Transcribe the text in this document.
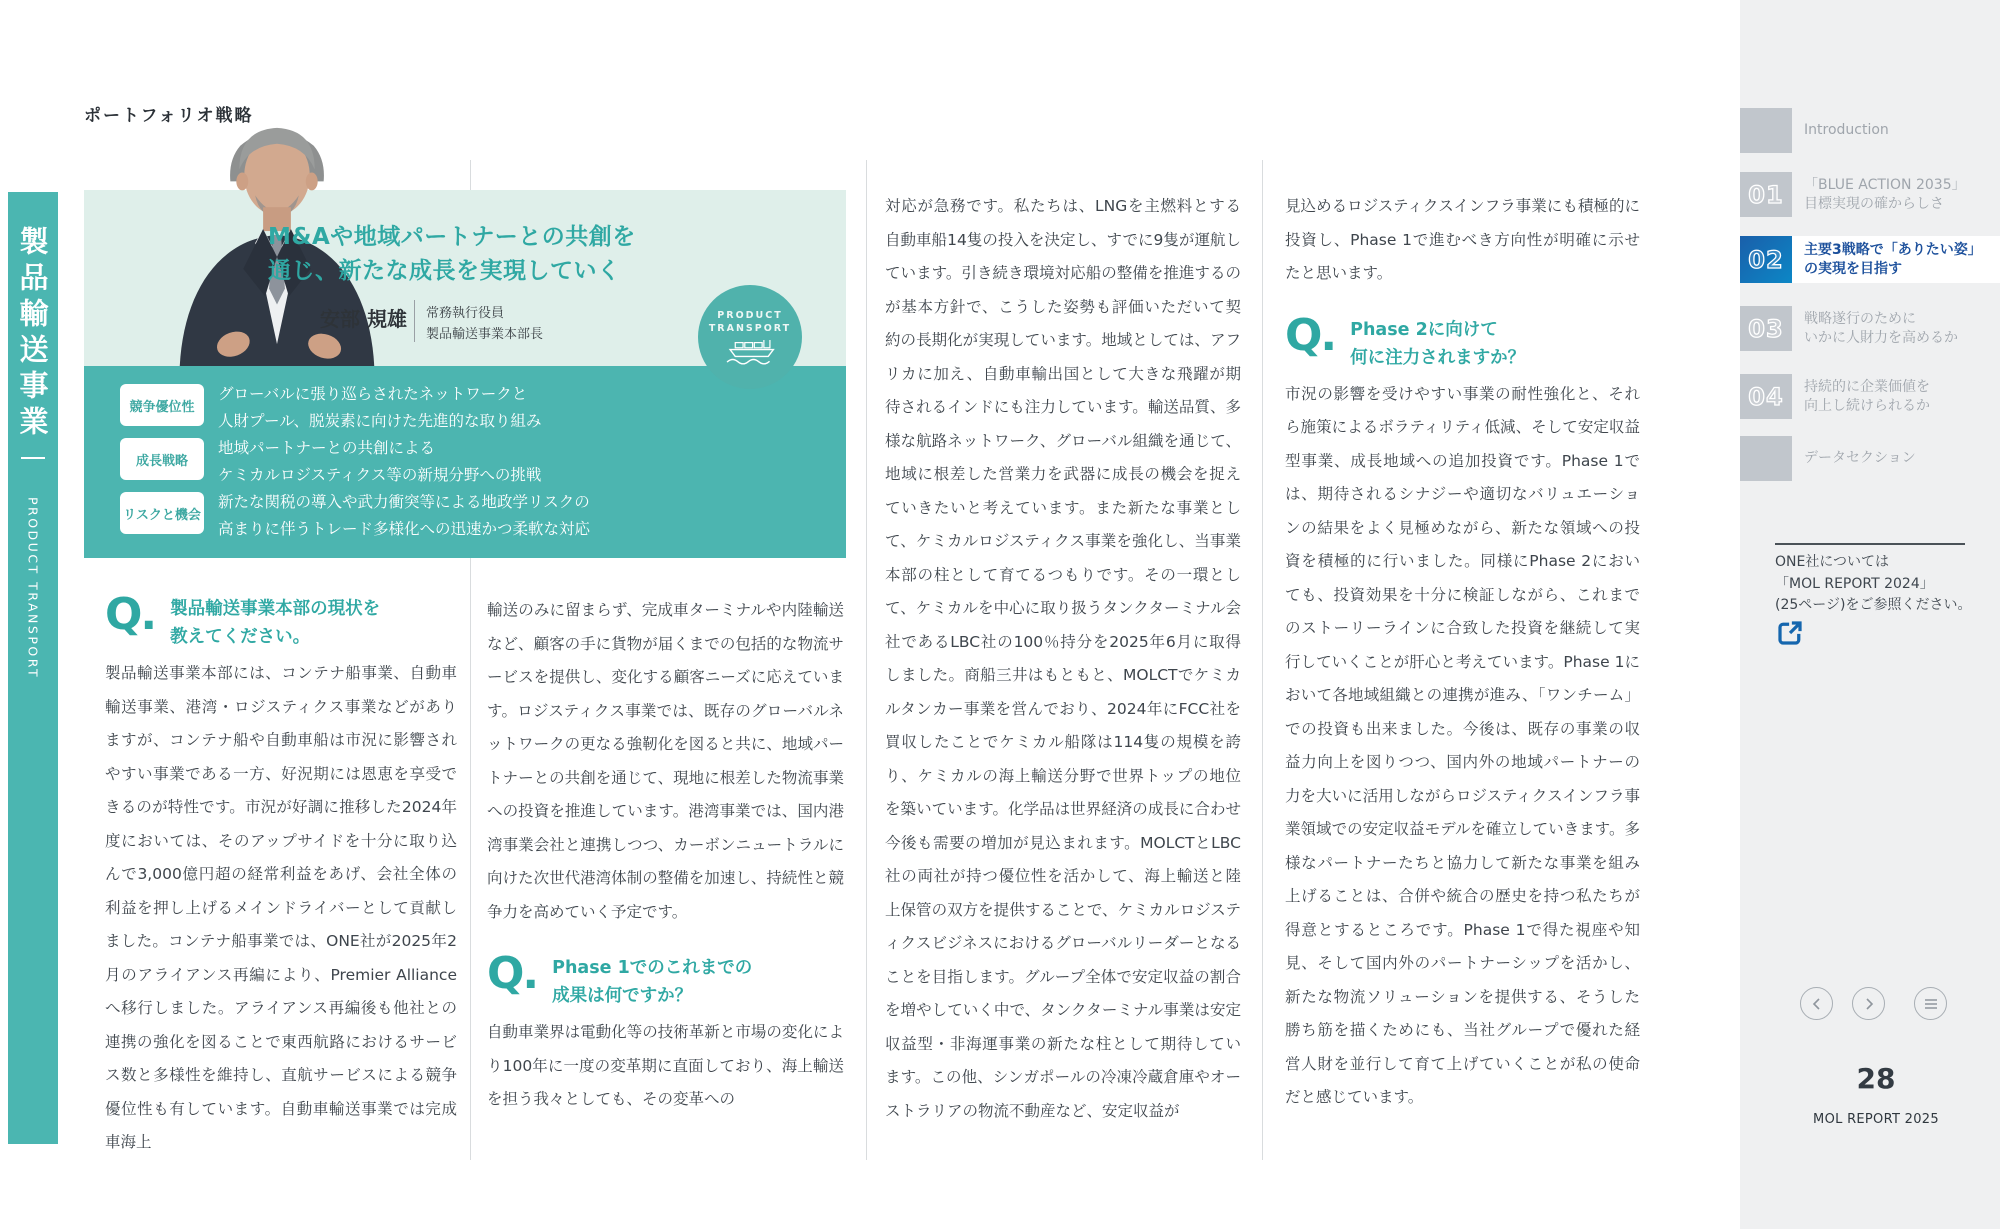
製品輸送事業
PRODUCT TRANSPORT
ポートフォリオ戦略
M&Aや地域パートナーとの共創を
通じ、新たな成長を実現していく
安部 規雄 常務執行役員
製品輸送事業本部長
PRODUCT
TRANSPORT
競争優位性
グローバルに張り巡らされたネットワークと
人財プール、脱炭素に向けた先進的な取り組み
成長戦略
地域パートナーとの共創による
ケミカルロジスティクス等の新規分野への挑戦
リスクと機会
新たな関税の導入や武力衝突等による地政学リスクの
高まりに伴うトレード多様化への迅速かつ柔軟な対応
Q. 製品輸送事業本部の現状を
教えてください。

製品輸送事業本部には、コンテナ船事業、自動車輸送事業、港湾・ロジスティクス事業などがありますが、コンテナ船や自動車船は市況に影響されやすい事業である一方、好況期には恩恵を享受できるのが特性です。市況が好調に推移した2024年度においては、そのアップサイドを十分に取り込んで3,000億円超の経常利益をあげ、会社全体の利益を押し上げるメインドライバーとして貢献しました。コンテナ船事業では、ONE社が2025年2月のアライアンス再編により、Premier Allianceへ移行しました。アライアンス再編後も他社との連携の強化を図ることで東西航路におけるサービス数と多様性を維持し、直航サービスによる競争優位性も有しています。自動車輸送事業では完成車海上

輸送のみに留まらず、完成車ターミナルや内陸輸送など、顧客の手に貨物が届くまでの包括的な物流サービスを提供し、変化する顧客ニーズに応えています。ロジスティクス事業では、既存のグローバルネットワークの更なる強靭化を図ると共に、地域パートナーとの共創を通じて、現地に根差した物流事業への投資を推進しています。港湾事業では、国内港湾事業会社と連携しつつ、カーボンニュートラルに向けた次世代港湾体制の整備を加速し、持続性と競争力を高めていく予定です。

Q. Phase 1でのこれまでの
成果は何ですか？

自動車業界は電動化等の技術革新と市場の変化により100年に一度の変革期に直面しており、海上輸送を担う我々としても、その変革への

対応が急務です。私たちは、LNGを主燃料とする自動車船14隻の投入を決定し、すでに9隻が運航しています。引き続き環境対応船の整備を推進するのが基本方針で、こうした姿勢も評価いただいて契約の長期化が実現しています。地域としては、アフリカに加え、自動車輸出国として大きな飛躍が期待されるインドにも注力しています。輸送品質、多様な航路ネットワーク、グローバル組織を通じて、地域に根差した営業力を武器に成長の機会を捉えていきたいと考えています。また新たな事業として、ケミカルロジスティクス事業を強化し、当事業本部の柱として育てるつもりです。その一環として、ケミカルを中心に取り扱うタンクターミナル会社であるLBC社の100％持分を2025年6月に取得しました。商船三井はもともと、MOLCTでケミカルタンカー事業を営んでおり、2024年にFCC社を買収したことでケミカル船隊は114隻の規模を誇り、ケミカルの海上輸送分野で世界トップの地位を築いています。化学品は世界経済の成長に合わせ今後も需要の増加が見込まれます。MOLCTとLBC社の両社が持つ優位性を活かして、海上輸送と陸上保管の双方を提供することで、ケミカルロジスティクスビジネスにおけるグローバルリーダーとなることを目指します。グループ全体で安定収益の割合を増やしていく中で、タンクターミナル事業は安定収益型・非海運事業の新たな柱として期待しています。この他、シンガポールの冷凍冷蔵倉庫やオーストラリアの物流不動産など、安定収益が

見込めるロジスティクスインフラ事業にも積極的に投資し、Phase 1で進むべき方向性が明確に示せたと思います。

Q. Phase 2に向けて
何に注力されますか？

市況の影響を受けやすい事業の耐性強化と、それら施策によるボラティリティ低減、そして安定収益型事業、成長地域への追加投資です。Phase 1では、期待されるシナジーや適切なバリュエーションの結果をよく見極めながら、新たな領域への投資を積極的に行いました。同様にPhase 2においても、投資効果を十分に検証しながら、これまでのストーリーラインに合致した投資を継続して実行していくことが肝心と考えています。Phase 1において各地域組織との連携が進み、「ワンチーム」での投資も出来ました。今後は、既存の事業の収益力向上を図りつつ、国内外の地域パートナーの力を大いに活用しながらロジスティクスインフラ事業領域での安定収益モデルを確立していきます。多様なパートナーたちと協力して新たな事業を組み上げることは、合併や統合の歴史を持つ私たちが得意とするところです。Phase 1で得た視座や知見、そして国内外のパートナーシップを活かし、新たな物流ソリューションを提供する、そうした勝ち筋を描くためにも、当社グループで優れた経営人財を並行して育て上げていくことが私の使命だと感じています。

Introduction
01 「BLUE ACTION 2035」
目標実現の確からしさ
02 主要3戦略で「ありたい姿」
の実現を目指す
03 戦略遂行のために
いかに人財力を高めるか
04 持続的に企業価値を
向上し続けられるか
データセクション
ONE社については
「MOL REPORT 2024」
(25ページ)をご参照ください。
28
MOL REPORT 2025
